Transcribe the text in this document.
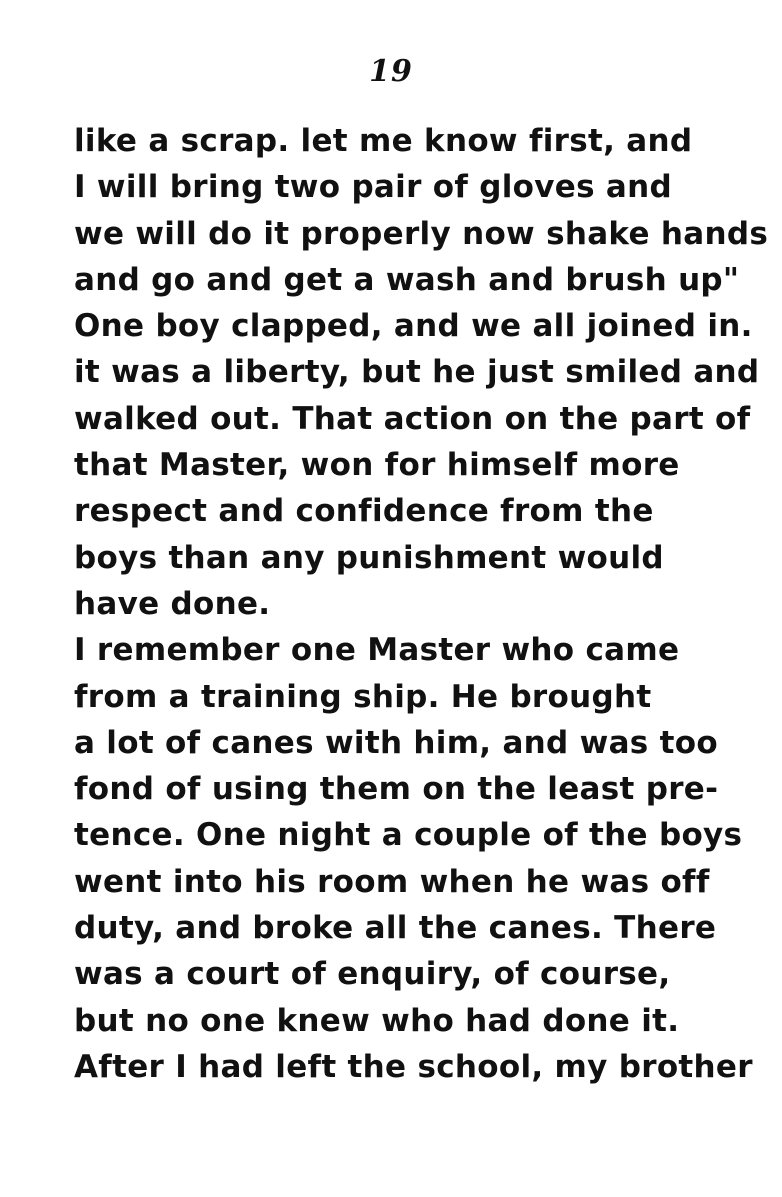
19
like a scrap. let me know first, and
I will bring two pair of gloves and
we will do it properly now shake hands
and go and get a wash and brush up"
One boy clapped, and we all joined in.
it was a liberty, but he just smiled and
walked out. That action on the part of
that Master, won for himself more
respect and confidence from the
boys than any punishment would
have done.
I remember one Master who came
from a training ship. He brought
a lot of canes with him, and was too
fond of using them on the least pre-
tence. One night a couple of the boys
went into his room when he was off
duty, and broke all the canes. There
was a court of enquiry, of course,
but no one knew who had done it.
After I had left the school, my brother
